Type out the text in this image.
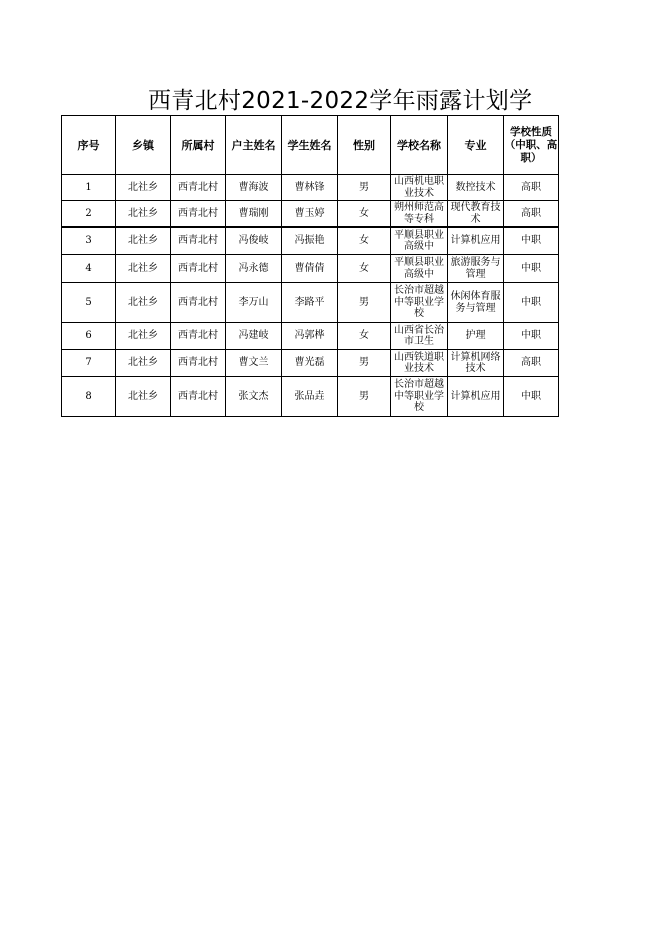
西青北村2021-2022学年雨露计划学
序号	乡镇	所属村	户主姓名	学生姓名	性别	学校名称	专业	学校性质（中职、高职）
1	北社乡	西青北村	曹海波	曹林锋	男	山西机电职业技术	数控技术	高职
2	北社乡	西青北村	曹瑞刚	曹玉婷	女	朔州师范高等专科	现代教育技术	高职
3	北社乡	西青北村	冯俊岐	冯振艳	女	平顺县职业高级中	计算机应用	中职
4	北社乡	西青北村	冯永德	曹倩倩	女	平顺县职业高级中	旅游服务与管理	中职
5	北社乡	西青北村	李万山	李路平	男	长治市超越中等职业学校	休闲体育服务与管理	中职
6	北社乡	西青北村	冯建岐	冯郭桦	女	山西省长治市卫生	护理	中职
7	北社乡	西青北村	曹文兰	曹光磊	男	山西铁道职业技术	计算机网络技术	高职
8	北社乡	西青北村	张文杰	张品垚	男	长治市超越中等职业学校	计算机应用	中职
